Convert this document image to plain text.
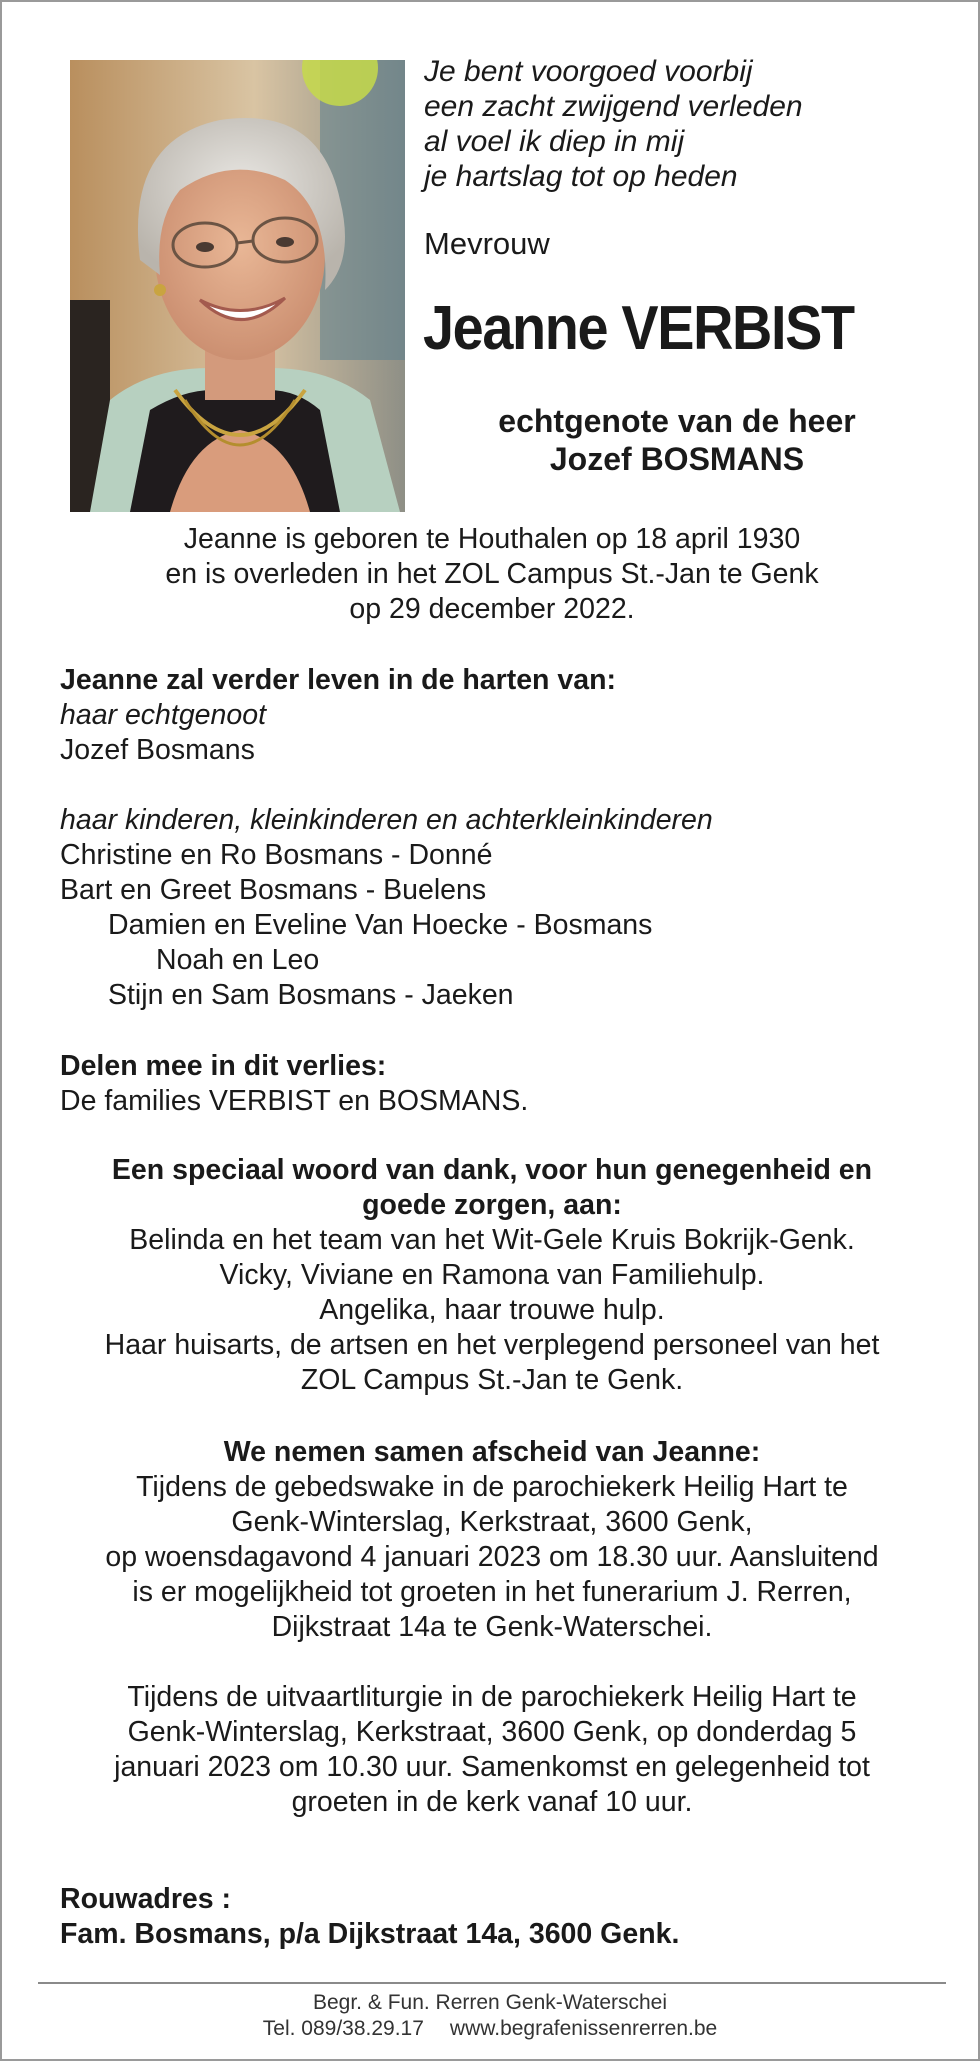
Je bent voorgoed voorbij
een zacht zwijgend verleden
al voel ik diep in mij
je hartslag tot op heden
Mevrouw
Jeanne VERBIST
echtgenote van de heer
Jozef BOSMANS
Jeanne is geboren te Houthalen op 18 april 1930
en is overleden in het ZOL Campus St.-Jan te Genk
op 29 december 2022.
Jeanne zal verder leven in de harten van:
haar echtgenoot
Jozef Bosmans
haar kinderen, kleinkinderen en achterkleinkinderen
Christine en Ro Bosmans - Donné
Bart en Greet Bosmans - Buelens
Damien en Eveline Van Hoecke - Bosmans
Noah en Leo
Stijn en Sam Bosmans - Jaeken
Delen mee in dit verlies:
De families VERBIST en BOSMANS.
Een speciaal woord van dank, voor hun genegenheid en
goede zorgen, aan:
Belinda en het team van het Wit-Gele Kruis Bokrijk-Genk.
Vicky, Viviane en Ramona van Familiehulp.
Angelika, haar trouwe hulp.
Haar huisarts, de artsen en het verplegend personeel van het
ZOL Campus St.-Jan te Genk.
We nemen samen afscheid van Jeanne:
Tijdens de gebedswake in de parochiekerk Heilig Hart te
Genk-Winterslag, Kerkstraat, 3600 Genk,
op woensdagavond 4 januari 2023 om 18.30 uur. Aansluitend
is er mogelijkheid tot groeten in het funerarium J. Rerren,
Dijkstraat 14a te Genk-Waterschei.
Tijdens de uitvaartliturgie in de parochiekerk Heilig Hart te
Genk-Winterslag, Kerkstraat, 3600 Genk, op donderdag 5
januari 2023 om 10.30 uur. Samenkomst en gelegenheid tot
groeten in de kerk vanaf 10 uur.
Rouwadres :
Fam. Bosmans, p/a Dijkstraat 14a, 3600 Genk.
Begr. & Fun. Rerren Genk-Waterschei
Tel. 089/38.29.17 www.begrafenissenrerren.be
